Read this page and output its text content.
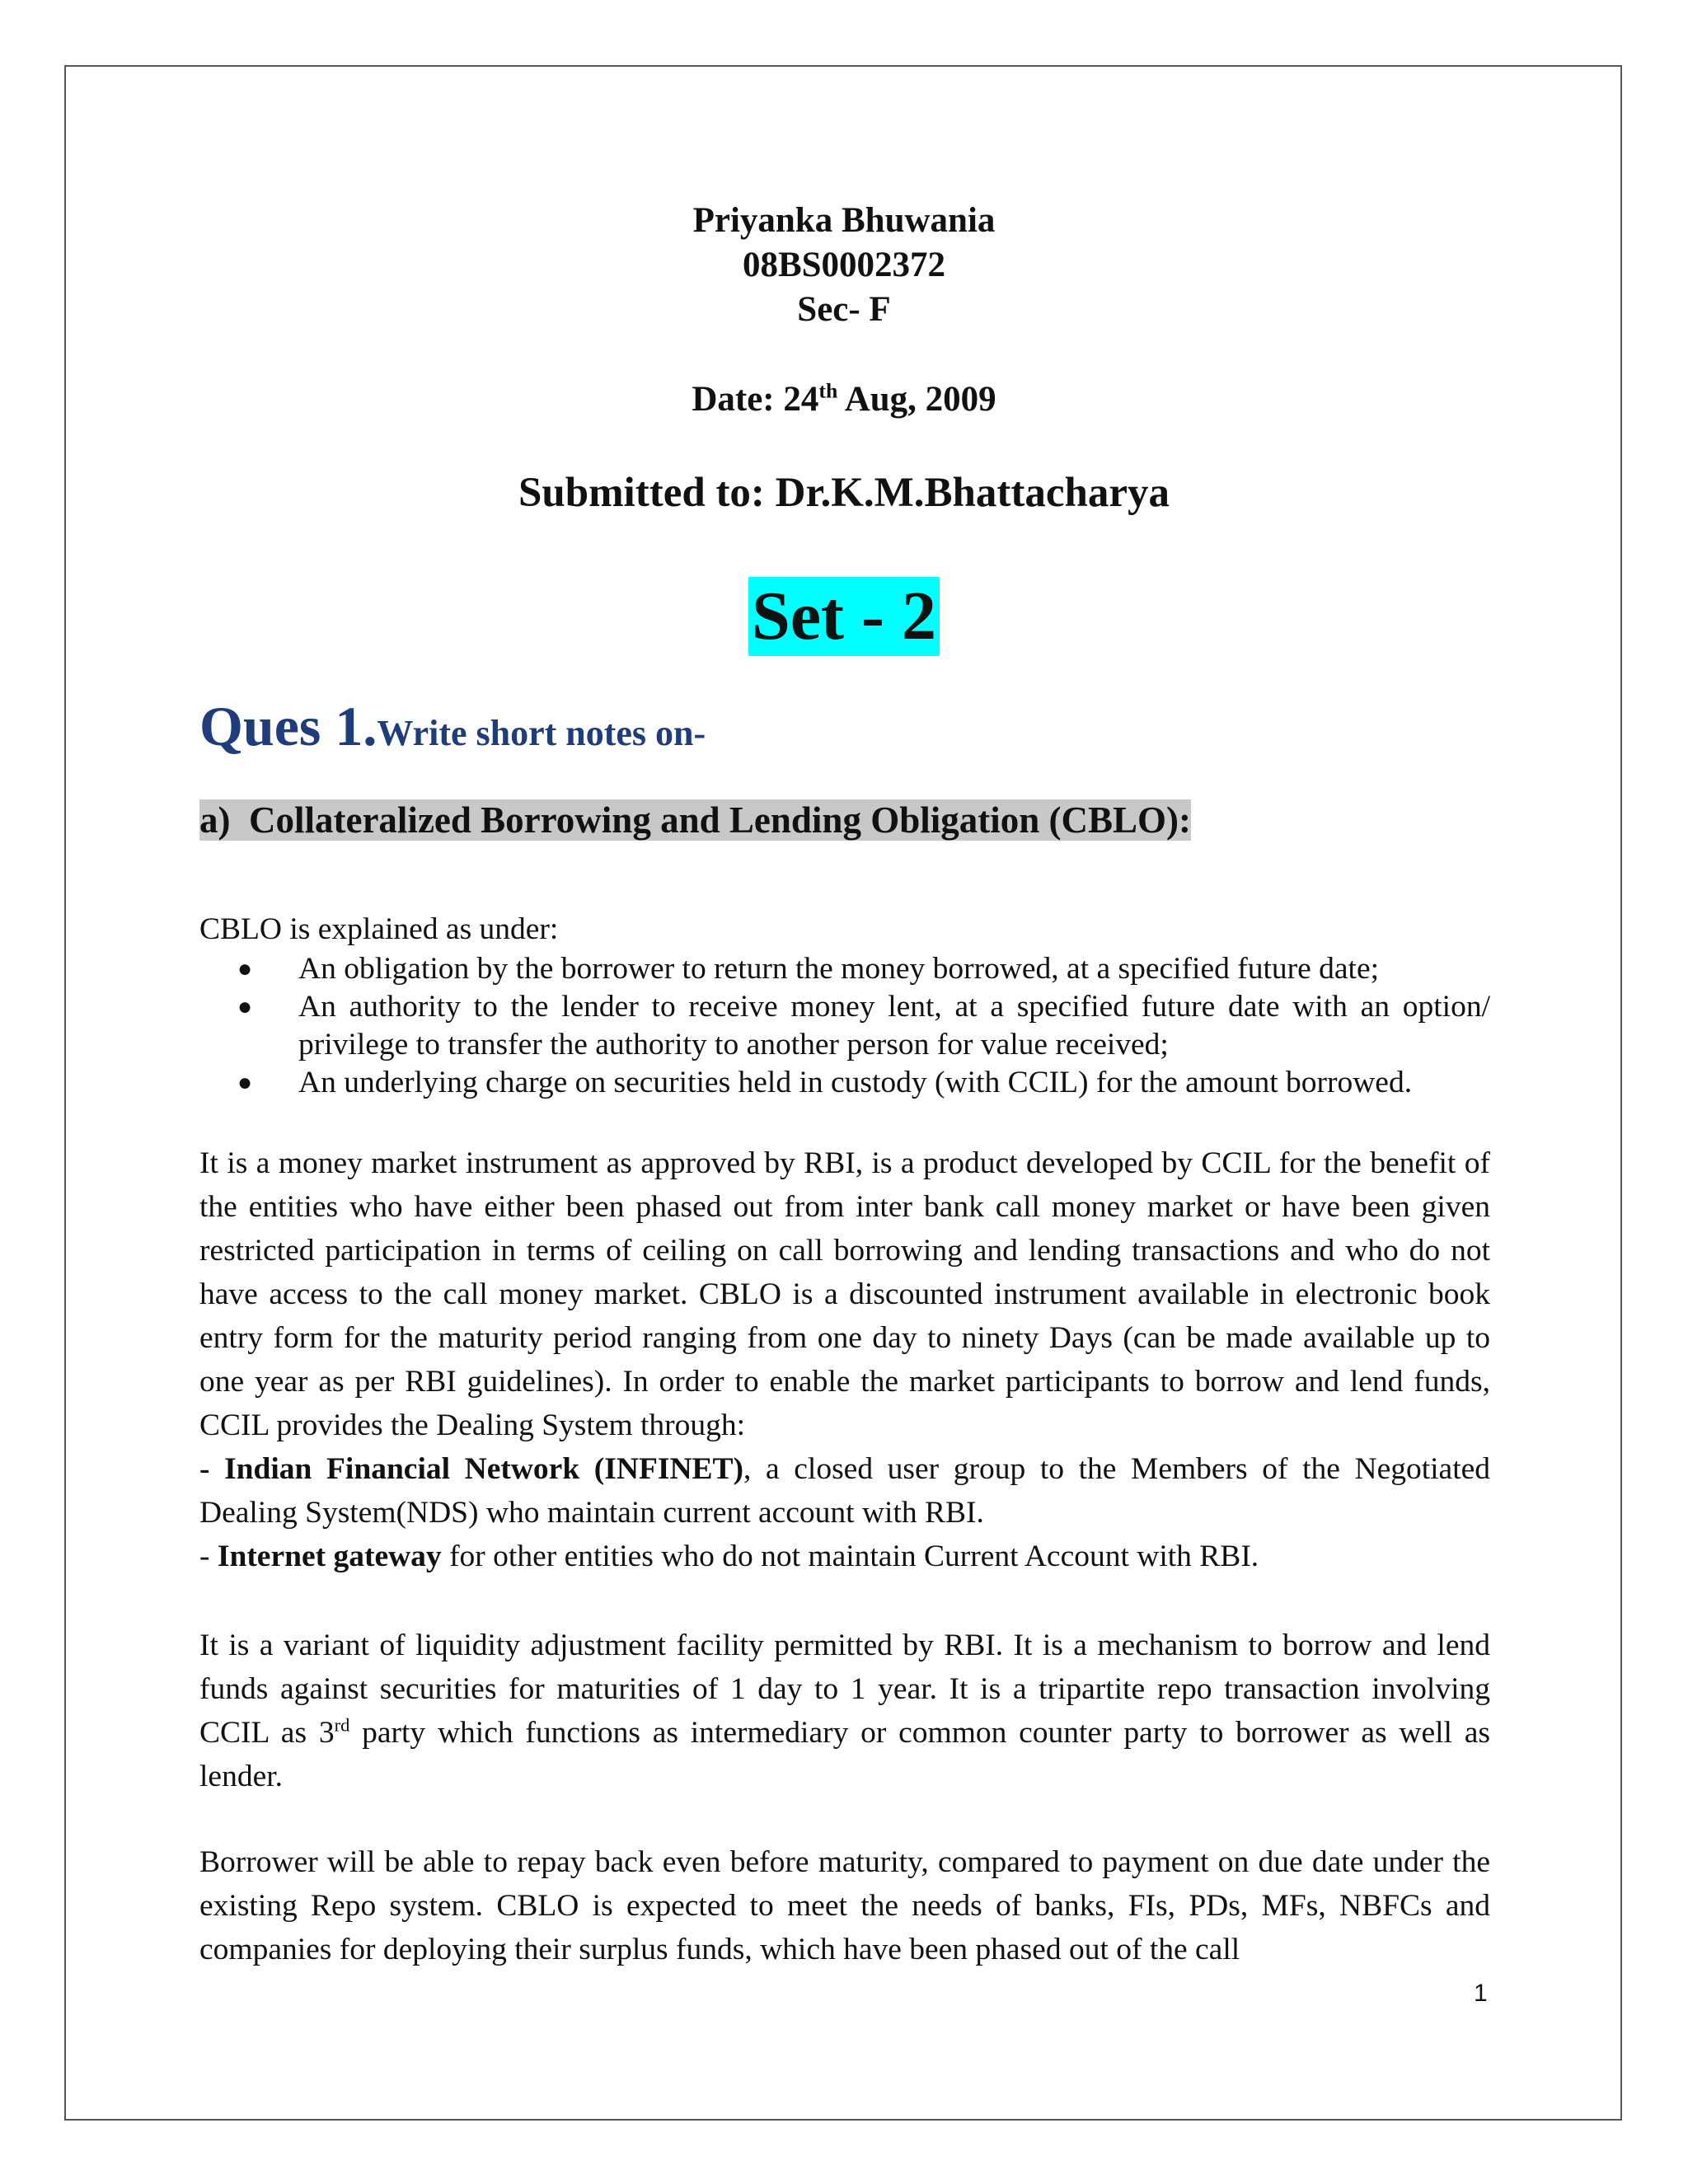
Priyanka Bhuwania
08BS0002372
Sec- F
Date: 24th Aug, 2009
Submitted to: Dr.K.M.Bhattacharya
Set - 2
Ques 1.Write short notes on-
a) Collateralized Borrowing and Lending Obligation (CBLO):
CBLO is explained as under:
● An obligation by the borrower to return the money borrowed, at a specified future date;
● An authority to the lender to receive money lent, at a specified future date with an option/ privilege to transfer the authority to another person for value received;
● An underlying charge on securities held in custody (with CCIL) for the amount borrowed.

It is a money market instrument as approved by RBI, is a product developed by CCIL for the benefit of the entities who have either been phased out from inter bank call money market or have been given restricted participation in terms of ceiling on call borrowing and lending transactions and who do not have access to the call money market. CBLO is a discounted instrument available in electronic book entry form for the maturity period ranging from one day to ninety Days (can be made available up to one year as per RBI guidelines). In order to enable the market participants to borrow and lend funds, CCIL provides the Dealing System through:

- Indian Financial Network (INFINET), a closed user group to the Members of the Negotiated Dealing System(NDS) who maintain current account with RBI.

- Internet gateway for other entities who do not maintain Current Account with RBI.

It is a variant of liquidity adjustment facility permitted by RBI. It is a mechanism to borrow and lend funds against securities for maturities of 1 day to 1 year. It is a tripartite repo transaction involving CCIL as 3rd party which functions as intermediary or common counter party to borrower as well as lender.
Borrower will be able to repay back even before maturity, compared to payment on due date under the existing Repo system. CBLO is expected to meet the needs of banks, FIs, PDs, MFs, NBFCs and companies for deploying their surplus funds, which have been phased out of the call
1
